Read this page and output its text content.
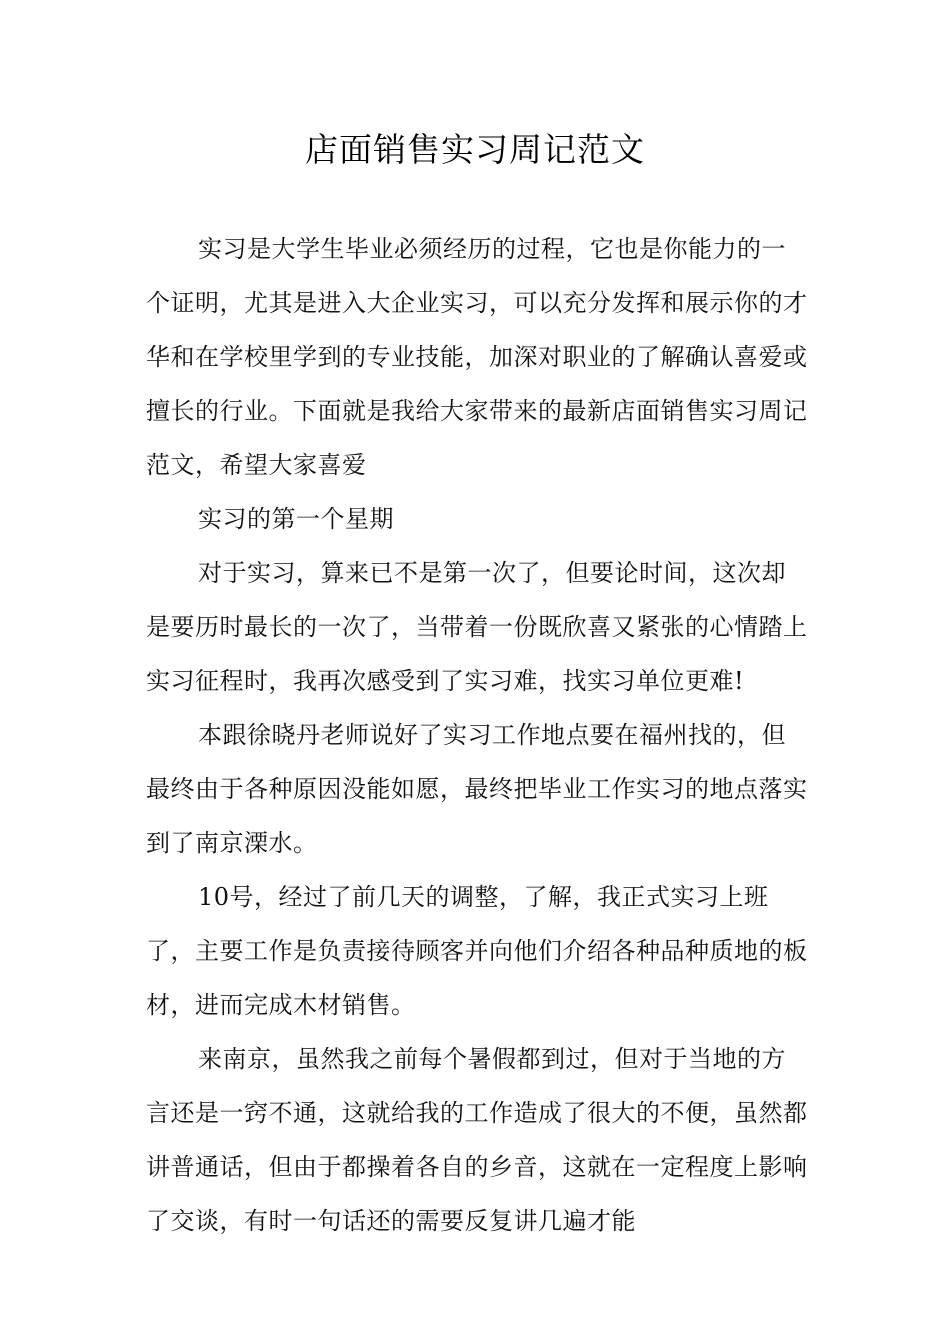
店面销售实习周记范文

实习是大学生毕业必须经历的过程，它也是你能力的一个证明，尤其是进入大企业实习，可以充分发挥和展示你的才华和在学校里学到的专业技能，加深对职业的了解确认喜爱或擅长的行业。下面就是我给大家带来的最新店面销售实习周记范文，希望大家喜爱

实习的第一个星期

对于实习，算来已不是第一次了，但要论时间，这次却是要历时最长的一次了，当带着一份既欣喜又紧张的心情踏上实习征程时，我再次感受到了实习难，找实习单位更难!

本跟徐晓丹老师说好了实习工作地点要在福州找的，但最终由于各种原因没能如愿，最终把毕业工作实习的地点落实到了南京溧水。

10号，经过了前几天的调整，了解，我正式实习上班了，主要工作是负责接待顾客并向他们介绍各种品种质地的板材，进而完成木材销售。

来南京，虽然我之前每个暑假都到过，但对于当地的方言还是一窍不通，这就给我的工作造成了很大的不便，虽然都讲普通话，但由于都操着各自的乡音，这就在一定程度上影响了交谈，有时一句话还的需要反复讲几遍才能
